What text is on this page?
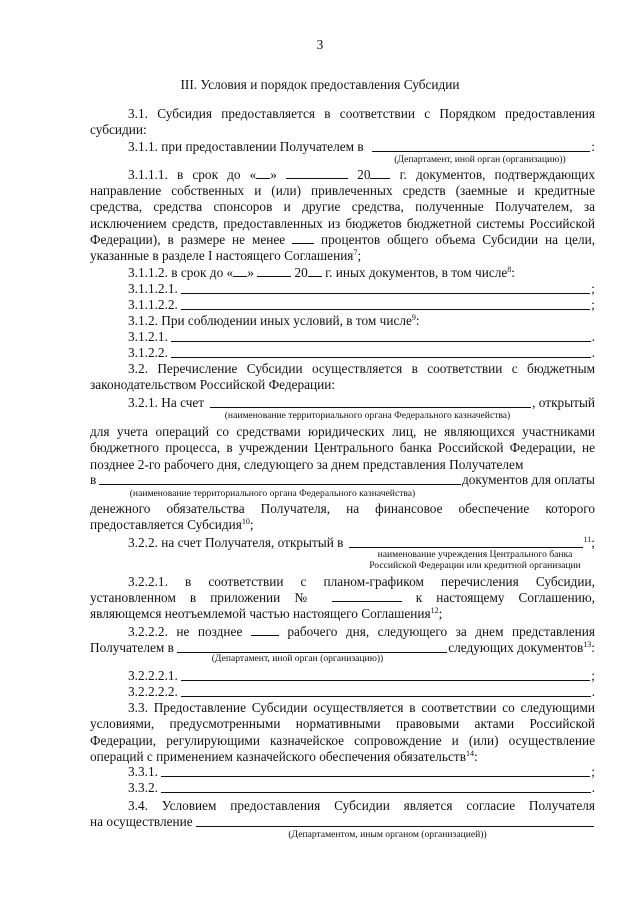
3
III. Условия и порядок предоставления Субсидии
3.1. Субсидия предоставляется в соответствии с Порядком предоставления субсидии:
3.1.1. при предоставлении Получателем в	:
(Департамент, иной орган (организацию))
3.1.1.1. в срок до « »	20 г. документов, подтверждающих
направление собственных и (или) привлеченных средств (заемные и кредитные средства, средства спонсоров и другие средства, полученные Получателем, за исключением средств, предоставленных из бюджетов бюджетной системы Российской Федерации), в размере не менее	процентов общего объема Субсидии на цели, указанные в разделе I настоящего Соглашения$^7$;
3.1.1.2. в срок до « »	20 г. иных документов, в том числе$^8$:
3.1.1.2.1.	;
3.1.1.2.2.	;
3.1.2. При соблюдении иных условий, в том числе$^9$:
3.1.2.1.	.
3.1.2.2.	.
3.2. Перечисление Субсидии осуществляется в соответствии с бюджетным законодательством Российской Федерации:
3.2.1. На счет	, открытый
(наименование территориального органа Федерального казначейства)
для учета операций со средствами юридических лиц, не являющихся участниками бюджетного процесса, в учреждении Центрального банка Российской Федерации, не позднее 2-го рабочего дня, следующего за днем представления Получателем
в	документов для оплаты
(наименование территориального органа Федерального казначейства)
денежного обязательства Получателя, на финансовое обеспечение которого предоставляется Субсидия$^{10}$;
3.2.2. на счет Получателя, открытый в	$^{11}$;
наименование учреждения Центрального банка
Российской Федерации или кредитной организации
3.2.2.1. в соответствии с планом-графиком перечисления Субсидии,
установленном в приложении №	к настоящему Соглашению,
являющемся неотъемлемой частью настоящего Соглашения$^{12}$;
3.2.2.2. не позднее	рабочего дня, следующего за днем представления
Получателем в	следующих документов$^{13}$:
(Департамент, иной орган (организацию))
3.2.2.2.1.	;
3.2.2.2.2.	.
3.3. Предоставление Субсидии осуществляется в соответствии со следующими условиями, предусмотренными нормативными правовыми актами Российской Федерации, регулирующими казначейское сопровождение и (или) осуществление операций с применением казначейского обеспечения обязательств$^{14}$:
3.3.1.	;
3.3.2.	.
3.4. Условием предоставления Субсидии является согласие Получателя
на осуществление
(Департаментом, иным органом (организацией))
